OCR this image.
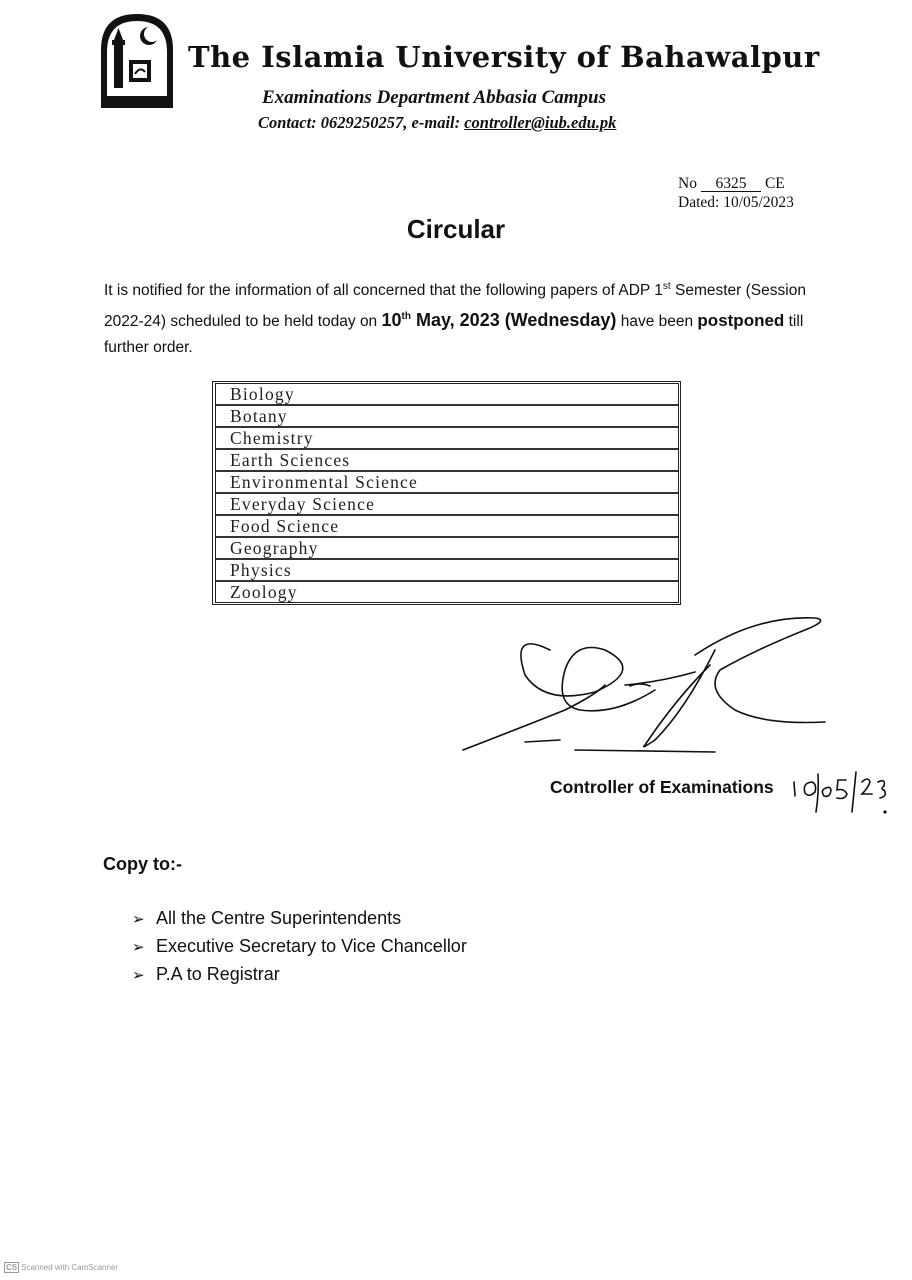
The Islamia University of Bahawalpur
Examinations Department Abbasia Campus
Contact: 0629250257, e-mail: controller@iub.edu.pk
No 6325 CE
Dated: 10/05/2023
Circular
It is notified for the information of all concerned that the following papers of ADP 1st Semester (Session 2022-24) scheduled to be held today on 10th May, 2023 (Wednesday) have been postponed till further order.
Biology
Botany
Chemistry
Earth Sciences
Environmental Science
Everyday Science
Food Science
Geography
Physics
Zoology
Controller of Examinations
Copy to:-
➢ All the Centre Superintendents
➢ Executive Secretary to Vice Chancellor
➢ P.A to Registrar
CS Scanned with CamScanner
